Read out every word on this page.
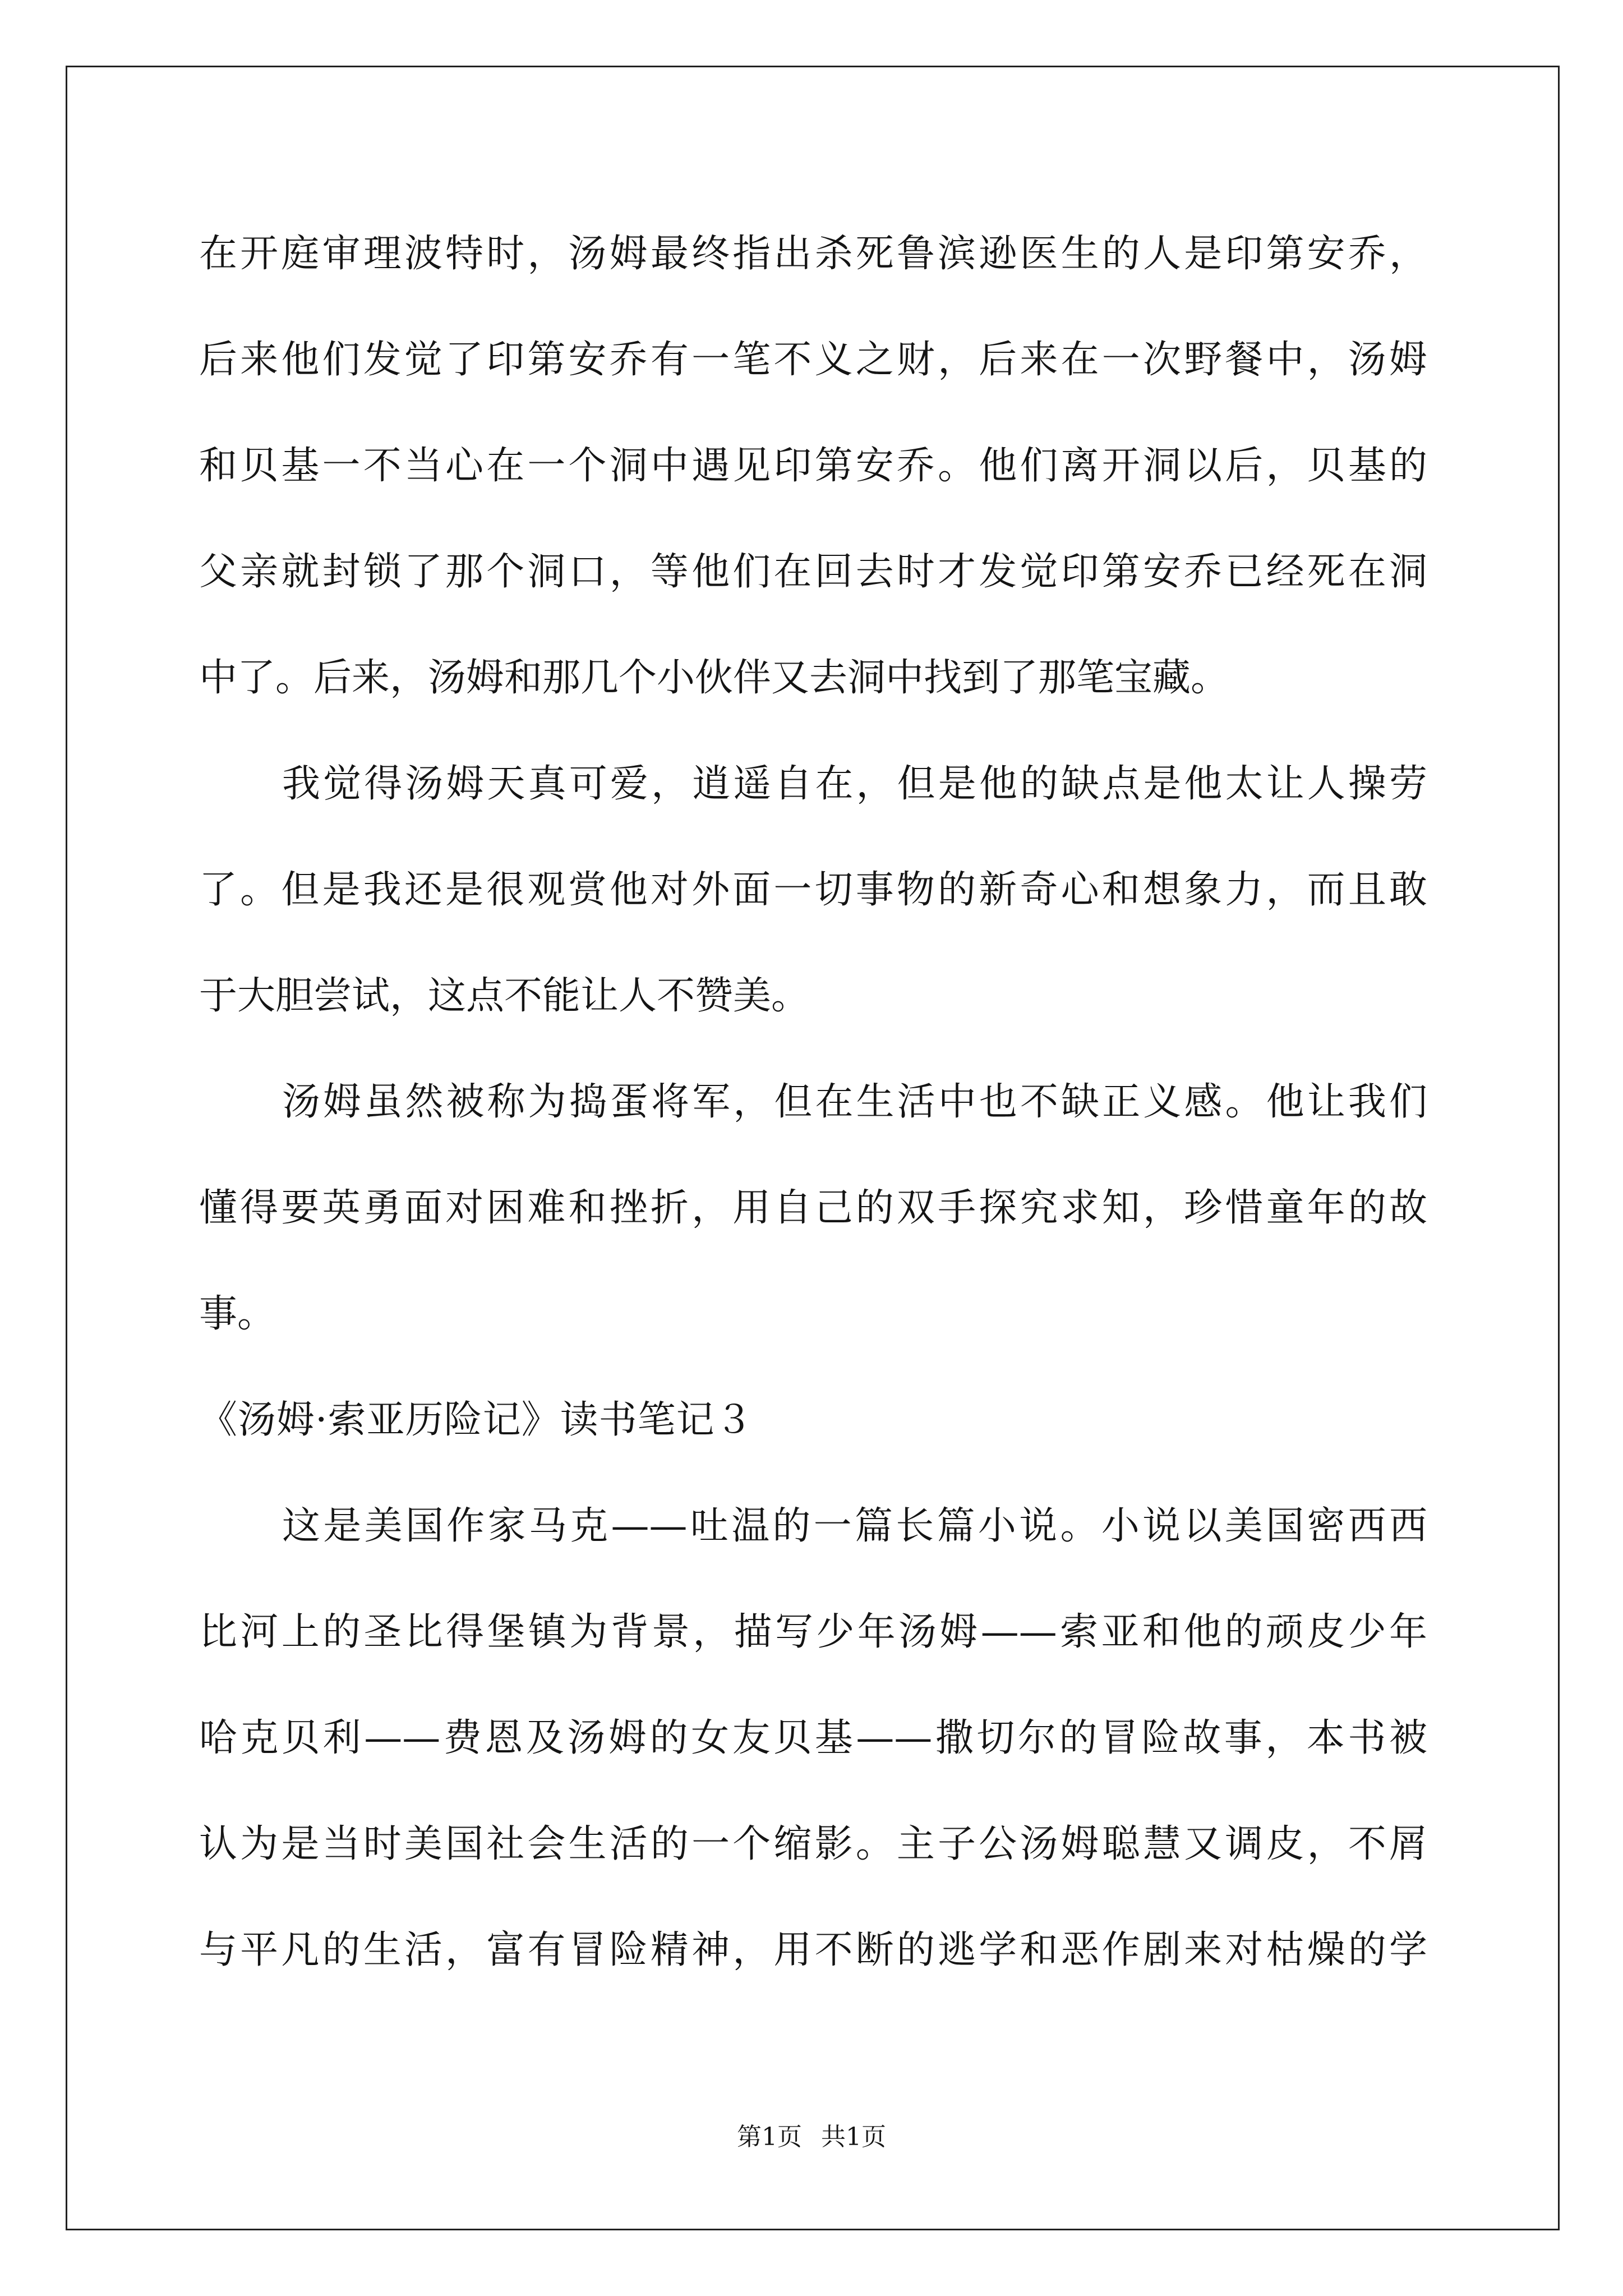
在开庭审理波特时，汤姆最终指出杀死鲁滨逊医生的人是印第安乔，
后来他们发觉了印第安乔有一笔不义之财，后来在一次野餐中，汤姆
和贝基一不当心在一个洞中遇见印第安乔。他们离开洞以后，贝基的
父亲就封锁了那个洞口，等他们在回去时才发觉印第安乔已经死在洞
中了。后来，汤姆和那几个小伙伴又去洞中找到了那笔宝藏。
我觉得汤姆天真可爱，逍遥自在，但是他的缺点是他太让人操劳
了。但是我还是很观赏他对外面一切事物的新奇心和想象力，而且敢
于大胆尝试，这点不能让人不赞美。
汤姆虽然被称为捣蛋将军，但在生活中也不缺正义感。他让我们
懂得要英勇面对困难和挫折，用自己的双手探究求知，珍惜童年的故
事。
《汤姆·索亚历险记》读书笔记３
这是美国作家马克——吐温的一篇长篇小说。小说以美国密西西
比河上的圣比得堡镇为背景，描写少年汤姆——索亚和他的顽皮少年
哈克贝利——费恩及汤姆的女友贝基——撒切尔的冒险故事，本书被
认为是当时美国社会生活的一个缩影。主子公汤姆聪慧又调皮，不屑
与平凡的生活，富有冒险精神，用不断的逃学和恶作剧来对枯燥的学
第1页 共1页
